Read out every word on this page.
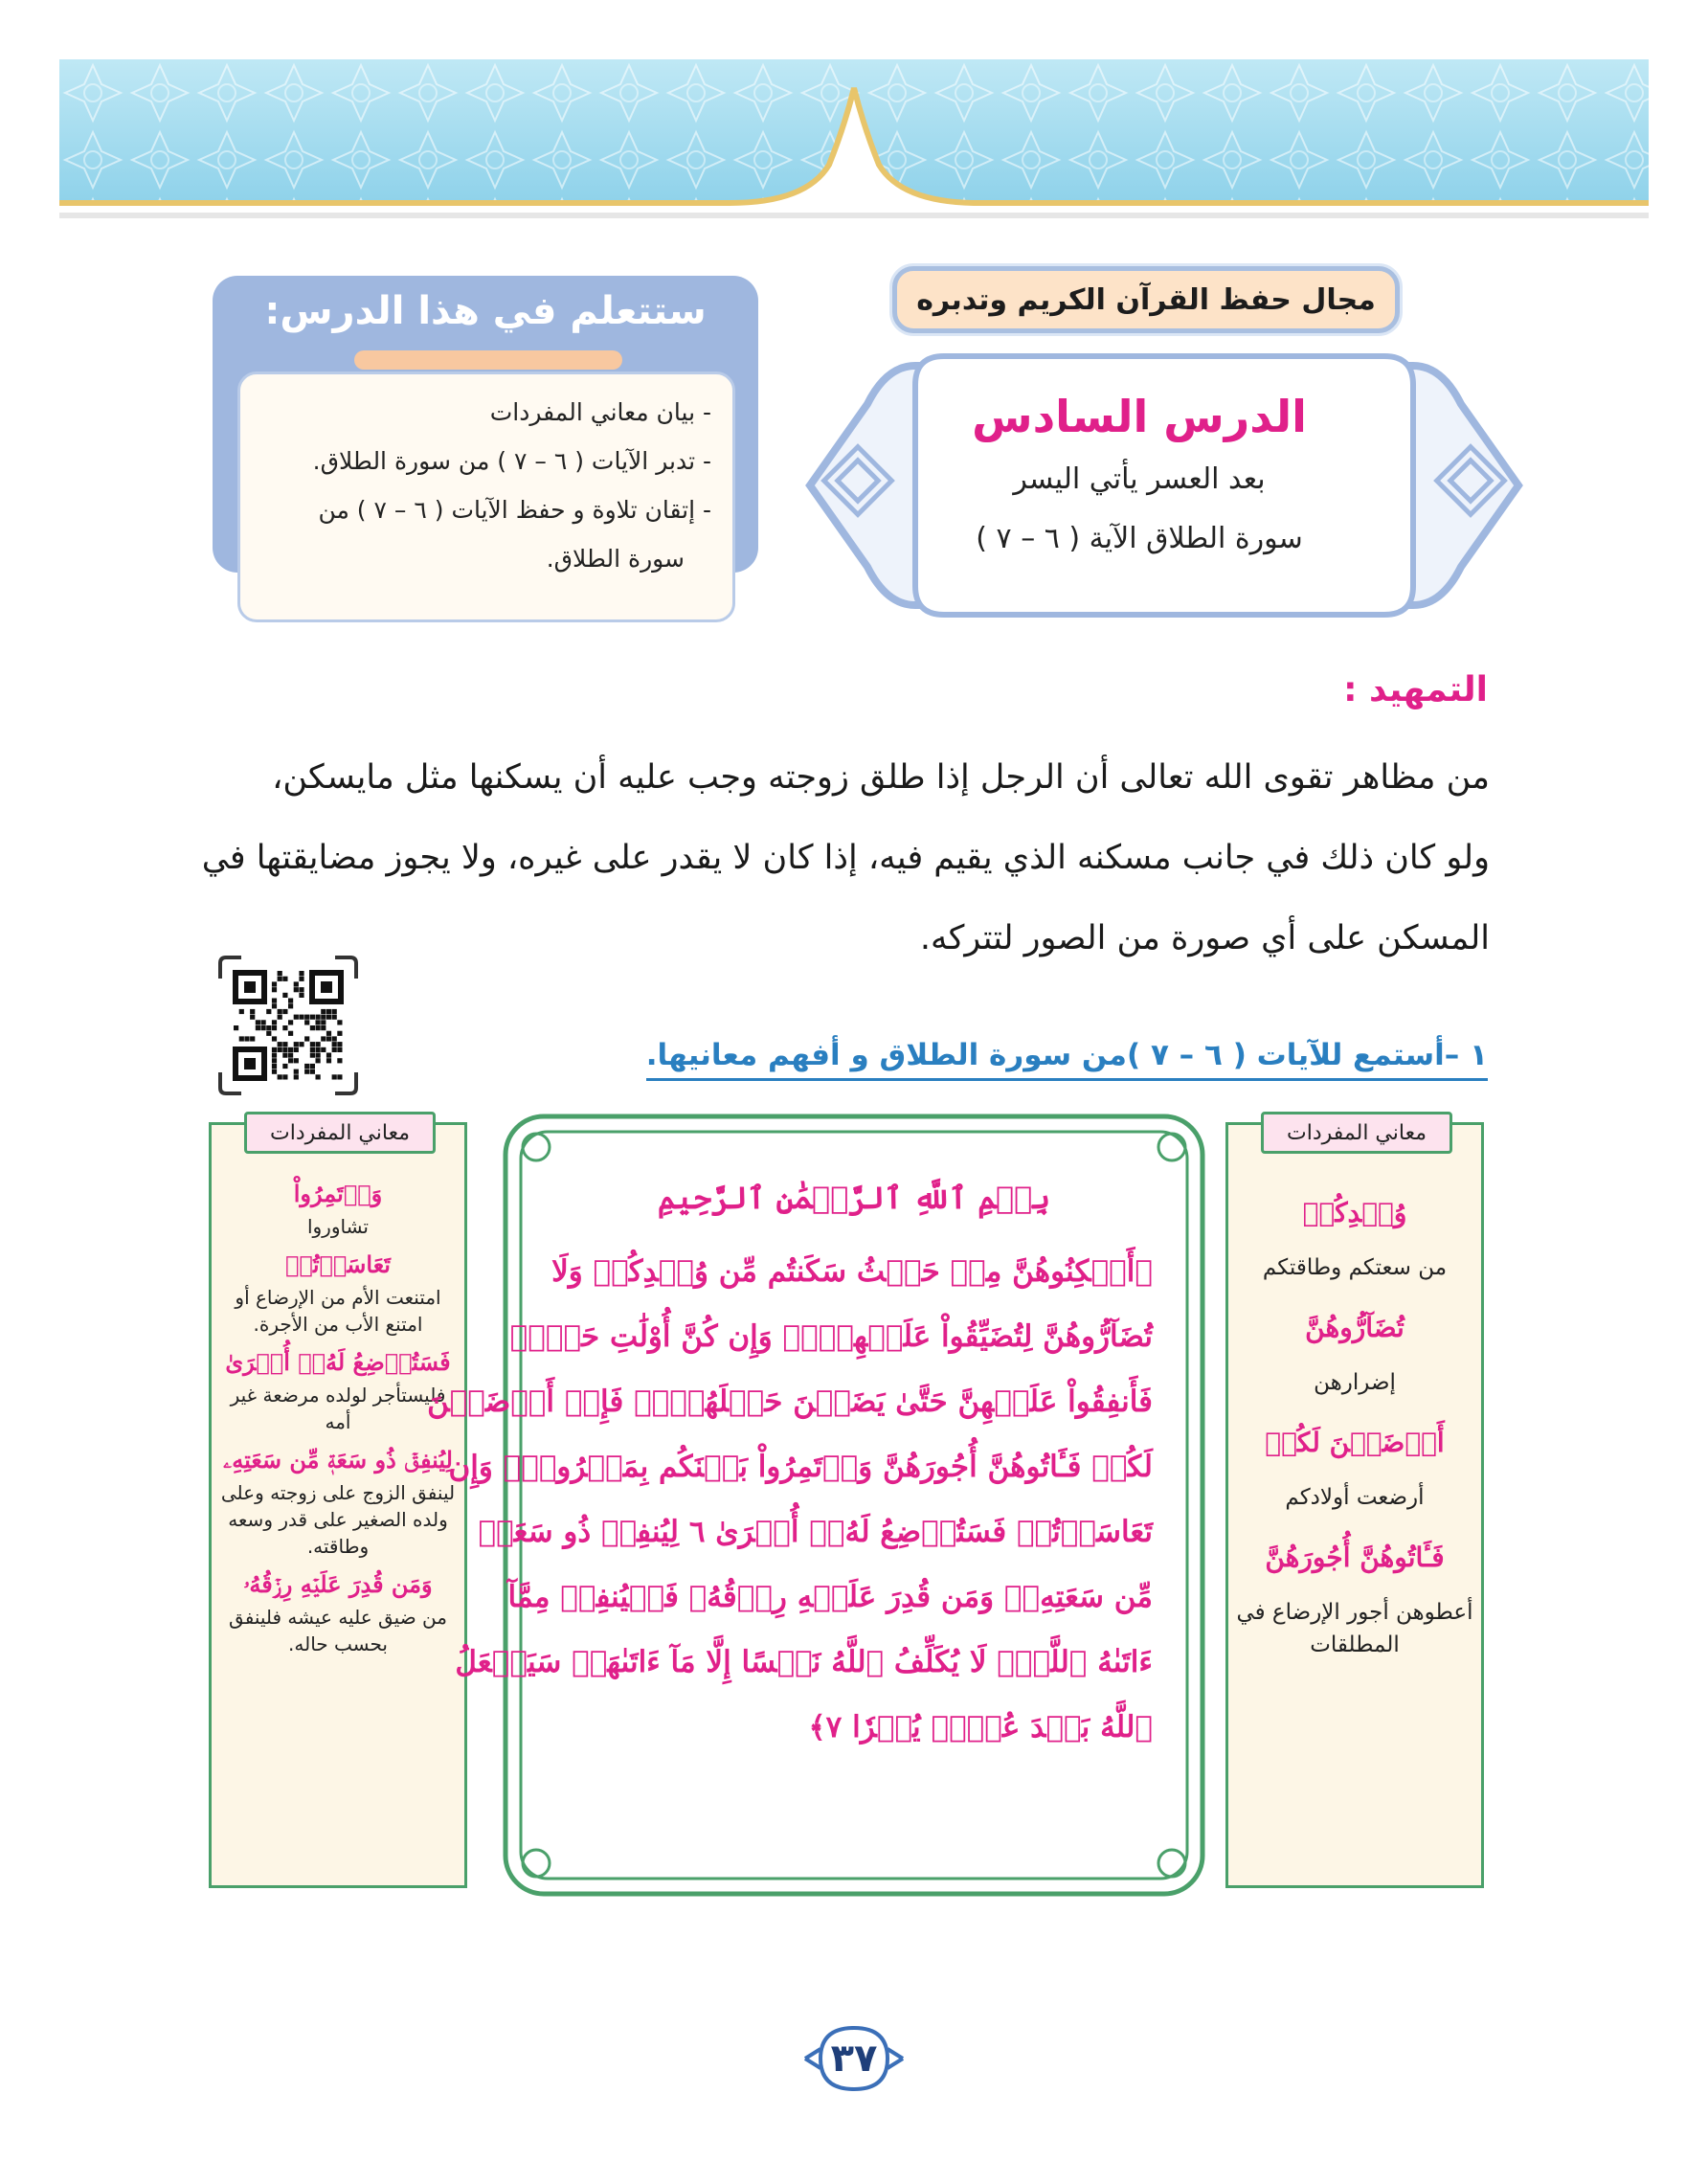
مجال حفظ القرآن الكريم وتدبره
الدرس السادس
بعد العسر يأتي اليسر
سورة الطلاق الآية ( ٦ – ٧ )
ستتعلم في هذا الدرس:
- بيان معاني المفردات
- تدبر الآيات ( ٦ – ٧ ) من سورة الطلاق.
- إتقان تلاوة و حفظ الآيات ( ٦ – ٧ ) من
سورة الطلاق.
التمهيد :
من مظاهر تقوى الله تعالى أن الرجل إذا طلق زوجته وجب عليه أن يسكنها مثل مايسكن،
ولو كان ذلك في جانب مسكنه الذي يقيم فيه، إذا كان لا يقدر على غيره، ولا يجوز مضايقتها في
المسكن على أي صورة من الصور لتتركه.
١ –أستمع للآيات ( ٦ – ٧ )من سورة الطلاق و أفهم معانيها.
معاني المفردات
وُجۡدِكُمۡ
من سعتكم وطاقتكم
تُضَآرُّوهُنَّ
إضرارهن
أَرۡضَعۡنَ لَكُمۡ
أرضعت أولادكم
فَـَٔاتُوهُنَّ أُجُورَهُنَّ
أعطوهن أجور الإرضاع في المطلقات
معاني المفردات
وَأۡتَمِرُواْ
تشاوروا
تَعَاسَرۡتُمۡ
امتنعت الأم من الإرضاع أو امتنع الأب من الأجرة.
فَسَتُرۡضِعُ لَهُۥٓ أُخۡرَىٰ
فليستأجر لولده مرضعة غير أمه
لِيُنفِقۡ ذُو سَعَةٖ مِّن سَعَتِهِۦ
لينفق الزوج على زوجته وعلى ولده الصغير على قدر وسعه وطاقته.
وَمَن قُدِرَ عَلَيۡهِ رِزۡقُهُۥ
من ضيق عليه عيشه فلينفق بحسب حاله.
بِسۡمِ ٱللَّهِ ٱلرَّحۡمَٰنِ ٱلرَّحِيمِ
﴿أَسۡكِنُوهُنَّ مِنۡ حَيۡثُ سَكَنتُم مِّن وُجۡدِكُمۡ وَلَا
تُضَآرُّوهُنَّ لِتُضَيِّقُواْ عَلَيۡهِنَّۚ وَإِن كُنَّ أُوْلَٰتِ حَمۡلٖ
فَأَنفِقُواْ عَلَيۡهِنَّ حَتَّىٰ يَضَعۡنَ حَمۡلَهُنَّۚ فَإِنۡ أَرۡضَعۡنَ
لَكُمۡ فَـَٔاتُوهُنَّ أُجُورَهُنَّ وَأۡتَمِرُواْ بَيۡنَكُم بِمَعۡرُوفٖۖ وَإِن
تَعَاسَرۡتُمۡ فَسَتُرۡضِعُ لَهُۥٓ أُخۡرَىٰ ٦ لِيُنفِقۡ ذُو سَعَةٖ
مِّن سَعَتِهِۦۖ وَمَن قُدِرَ عَلَيۡهِ رِزۡقُهُۥ فَلۡيُنفِقۡ مِمَّآ
ءَاتَىٰهُ ٱللَّهُۚ لَا يُكَلِّفُ ٱللَّهُ نَفۡسًا إِلَّا مَآ ءَاتَىٰهَاۚ سَيَجۡعَلُ
ٱللَّهُ بَعۡدَ عُسۡرٖ يُسۡرٗا ٧﴾
٣٧
